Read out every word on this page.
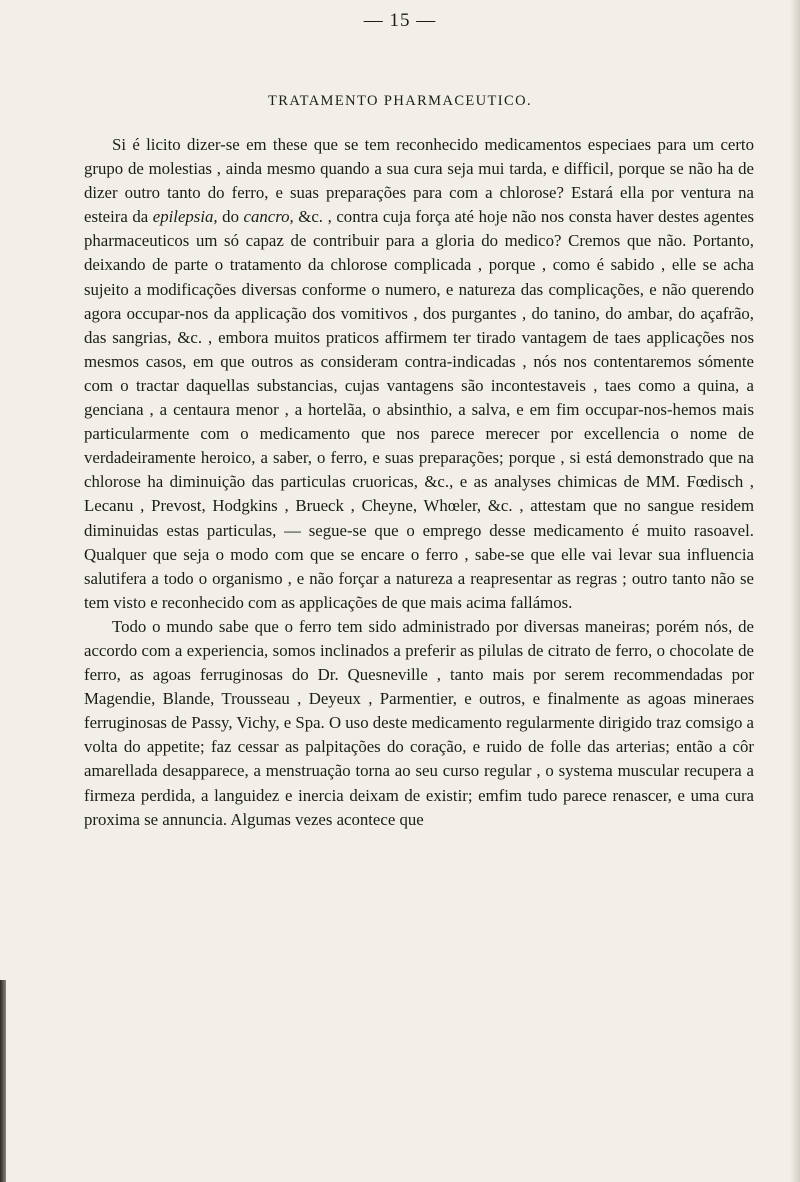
— 15 —
TRATAMENTO PHARMACEUTICO.

Si é licito dizer-se em these que se tem reconhecido medicamentos especiaes para um certo grupo de molestias , ainda mesmo quando a sua cura seja mui tarda, e difficil, porque se não ha de dizer outro tanto do ferro, e suas preparações para com a chlorose? Estará ella por ventura na esteira da epilepsia, do cancro, &c. , contra cuja força até hoje não nos consta haver destes agentes pharmaceuticos um só capaz de contribuir para a gloria do medico? Cremos que não. Portanto, deixando de parte o tratamento da chlorose complicada , porque , como é sabido , elle se acha sujeito a modificações diversas conforme o numero, e natureza das complicações, e não querendo agora occupar-nos da applicação dos vomitivos , dos purgantes , do tanino, do ambar, do açafrão, das sangrias, &c. , embora muitos praticos affirmem ter tirado vantagem de taes applicações nos mesmos casos, em que outros as consideram contra-indicadas , nós nos contentaremos sómente com o tractar daquellas substancias, cujas vantagens são incontestaveis , taes como a quina, a genciana , a centaura menor , a hortelãa, o absinthio, a salva, e em fim occupar-nos-hemos mais particularmente com o medicamento que nos parece merecer por excellencia o nome de verdadeiramente heroico, a saber, o ferro, e suas preparações; porque , si está demonstrado que na chlorose ha diminuição das particulas cruoricas, &c., e as analyses chimicas de MM. Fœdisch , Lecanu , Prevost, Hodgkins , Brueck , Cheyne, Whœler, &c. , attestam que no sangue residem diminuidas estas particulas, — segue-se que o emprego desse medicamento é muito rasoavel. Qualquer que seja o modo com que se encare o ferro , sabe-se que elle vai levar sua influencia salutifera a todo o organismo , e não forçar a natureza a reapresentar as regras ; outro tanto não se tem visto e reconhecido com as applicações de que mais acima fallámos.

Todo o mundo sabe que o ferro tem sido administrado por diversas maneiras; porém nós, de accordo com a experiencia, somos inclinados a preferir as pilulas de citrato de ferro, o chocolate de ferro, as agoas ferruginosas do Dr. Quesneville , tanto mais por serem recommendadas por Magendie, Blande, Trousseau , Deyeux , Parmentier, e outros, e finalmente as agoas mineraes ferruginosas de Passy, Vichy, e Spa. O uso deste medicamento regularmente dirigido traz comsigo a volta do appetite; faz cessar as palpitações do coração, e ruido de folle das arterias; então a côr amarellada desapparece, a menstruação torna ao seu curso regular , o systema muscular recupera a firmeza perdida, a languidez e inercia deixam de existir; emfim tudo parece renascer, e uma cura proxima se annuncia. Algumas vezes acontece que
